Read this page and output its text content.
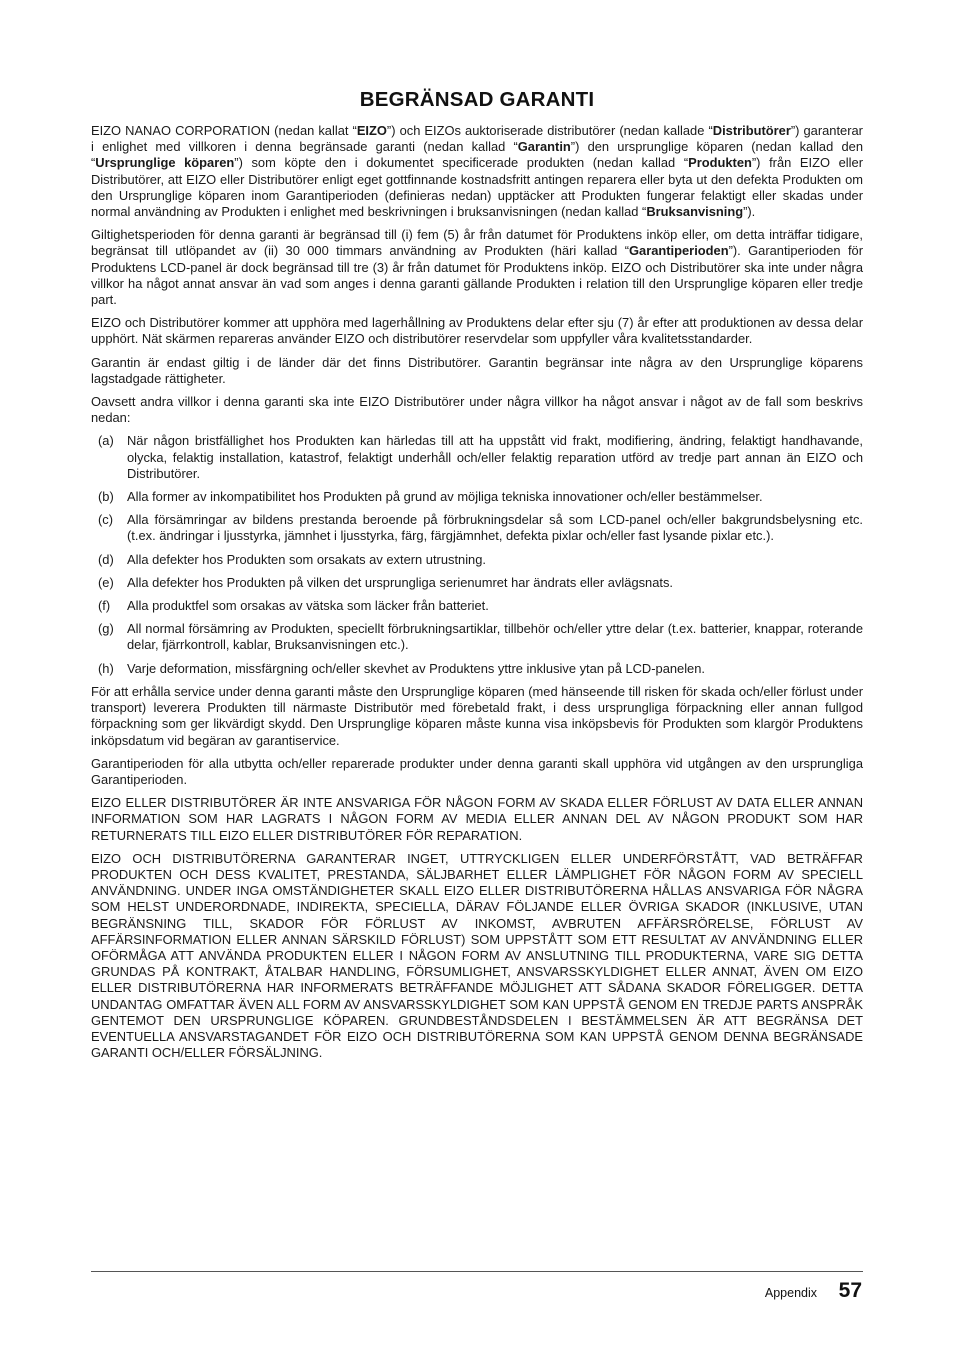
BEGRÄNSAD GARANTI

EIZO NANAO CORPORATION (nedan kallat “EIZO”) och EIZOs auktoriserade distributörer (nedan kallade “Distributörer”) garanterar i enlighet med villkoren i denna begränsade garanti (nedan kallad “Garantin”) den ursprunglige köparen (nedan kallad den “Ursprunglige köparen”) som köpte den i dokumentet specificerade produkten (nedan kallad “Produkten”) från EIZO eller Distributörer, att EIZO eller Distributörer enligt eget gottfinnande kostnadsfritt antingen reparera eller byta ut den defekta Produkten om den Ursprunglige köparen inom Garantiperioden (definieras nedan) upptäcker att Produkten fungerar felaktigt eller skadas under normal användning av Produkten i enlighet med beskrivningen i bruksanvisningen (nedan kallad “Bruksanvisning”).

Giltighetsperioden för denna garanti är begränsad till (i) fem (5) år från datumet för Produktens inköp eller, om detta inträffar tidigare, begränsat till utlöpandet av (ii) 30 000 timmars användning av Produkten (häri kallad “Garantiperioden”). Garantiperioden för Produktens LCD-panel är dock begränsad till tre (3) år från datumet för Produktens inköp. EIZO och Distributörer ska inte under några villkor ha något annat ansvar än vad som anges i denna garanti gällande Produkten i relation till den Ursprunglige köparen eller tredje part.

EIZO och Distributörer kommer att upphöra med lagerhållning av Produktens delar efter sju (7) år efter att produktionen av dessa delar upphört. Nät skärmen repareras använder EIZO och distributörer reservdelar som uppfyller våra kvalitetsstandarder.

Garantin är endast giltig i de länder där det finns Distributörer. Garantin begränsar inte några av den Ursprunglige köparens lagstadgade rättigheter.

Oavsett andra villkor i denna garanti ska inte EIZO Distributörer under några villkor ha något ansvar i något av de fall som beskrivs nedan:

(a)	När någon bristfällighet hos Produkten kan härledas till att ha uppstått vid frakt, modifiering, ändring, felaktigt handhavande, olycka, felaktig installation, katastrof, felaktigt underhåll och/eller felaktig reparation utförd av tredje part annan än EIZO och Distributörer.
(b)	Alla former av inkompatibilitet hos Produkten på grund av möjliga tekniska innovationer och/eller bestämmelser.
(c)	Alla försämringar av bildens prestanda beroende på förbrukningsdelar så som LCD-panel och/eller bakgrundsbelysning etc. (t.ex. ändringar i ljusstyrka, jämnhet i ljusstyrka, färg, färgjämnhet, defekta pixlar och/eller fast lysande pixlar etc.).
(d)	Alla defekter hos Produkten som orsakats av extern utrustning.
(e)	Alla defekter hos Produkten på vilken det ursprungliga serienumret har ändrats eller avlägsnats.
(f)	Alla produktfel som orsakas av vätska som läcker från batteriet.
(g)	All normal försämring av Produkten, speciellt förbrukningsartiklar, tillbehör och/eller yttre delar (t.ex. batterier, knappar, roterande delar, fjärrkontroll, kablar, Bruksanvisningen etc.).
(h)	Varje deformation, missfärgning och/eller skevhet av Produktens yttre inklusive ytan på LCD-panelen.

För att erhålla service under denna garanti måste den Ursprunglige köparen (med hänseende till risken för skada och/eller förlust under transport) leverera Produkten till närmaste Distributör med förebetald frakt, i dess ursprungliga förpackning eller annan fullgod förpackning som ger likvärdigt skydd. Den Ursprunglige köparen måste kunna visa inköpsbevis för Produkten som klargör Produktens inköpsdatum vid begäran av garantiservice.

Garantiperioden för alla utbytta och/eller reparerade produkter under denna garanti skall upphöra vid utgången av den ursprungliga Garantiperioden.

EIZO ELLER DISTRIBUTÖRER ÄR INTE ANSVARIGA FÖR NÅGON FORM AV SKADA ELLER FÖRLUST AV DATA ELLER ANNAN INFORMATION SOM HAR LAGRATS I NÅGON FORM AV MEDIA ELLER ANNAN DEL AV NÅGON PRODUKT SOM HAR RETURNERATS TILL EIZO ELLER DISTRIBUTÖRER FÖR REPARATION.

EIZO OCH DISTRIBUTÖRERNA GARANTERAR INGET, UTTRYCKLIGEN ELLER UNDERFÖRSTÅTT, VAD BETRÄFFAR PRODUKTEN OCH DESS KVALITET, PRESTANDA, SÄLJBARHET ELLER LÄMPLIGHET FÖR NÅGON FORM AV SPECIELL ANVÄNDNING. UNDER INGA OMSTÄNDIGHETER SKALL EIZO ELLER DISTRIBUTÖRERNA HÅLLAS ANSVARIGA FÖR NÅGRA SOM HELST UNDERORDNADE, INDIREKTA, SPECIELLA, DÄRAV FÖLJANDE ELLER ÖVRIGA SKADOR (INKLUSIVE, UTAN BEGRÄNSNING TILL, SKADOR FÖR FÖRLUST AV INKOMST, AVBRUTEN AFFÄRSRÖRELSE, FÖRLUST AV AFFÄRSINFORMATION ELLER ANNAN SÄRSKILD FÖRLUST) SOM UPPSTÅTT SOM ETT RESULTAT AV ANVÄNDNING ELLER OFÖRMÅGA ATT ANVÄNDA PRODUKTEN ELLER I NÅGON FORM AV ANSLUTNING TILL PRODUKTERNA, VARE SIG DETTA GRUNDAS PÅ KONTRAKT, ÅTALBAR HANDLING, FÖRSUMLIGHET, ANSVARSSKYLDIGHET ELLER ANNAT, ÄVEN OM EIZO ELLER DISTRIBUTÖRERNA HAR INFORMERATS BETRÄFFANDE MÖJLIGHET ATT SÅDANA SKADOR FÖRELIGGER. DETTA UNDANTAG OMFATTAR ÄVEN ALL FORM AV ANSVARSSKYLDIGHET SOM KAN UPPSTÅ GENOM EN TREDJE PARTS ANSPRÅK GENTEMOT DEN URSPRUNGLIGE KÖPAREN. GRUNDBESTÅNDSDELEN I BESTÄMMELSEN ÄR ATT BEGRÄNSA DET EVENTUELLA ANSVARSTAGANDET FÖR EIZO OCH DISTRIBUTÖRERNA SOM KAN UPPSTÅ GENOM DENNA BEGRÄNSADE GARANTI OCH/ELLER FÖRSÄLJNING.

Appendix 57
